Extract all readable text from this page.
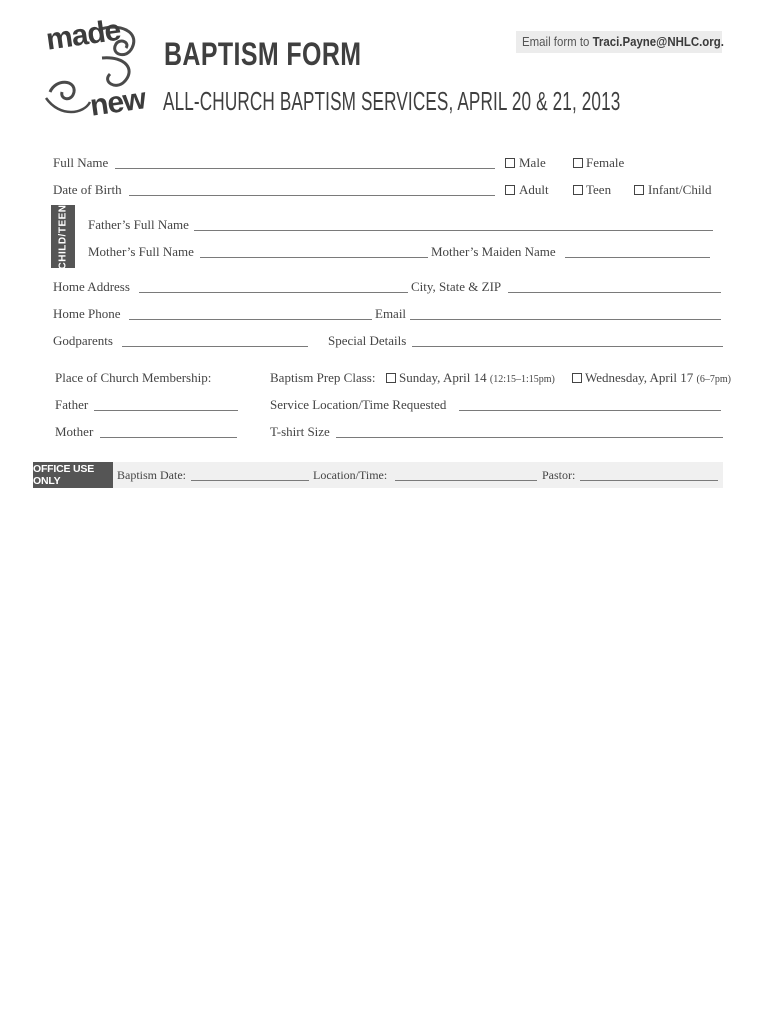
made
new
BAPTISM FORM
ALL-CHURCH BAPTISM SERVICES, APRIL 20 & 21, 2013
Email form to Traci.Payne@NHLC.org.
Full Name	Male	Female
Date of Birth	Adult	Teen	Infant/Child
CHILD/TEEN Father’s Full Name
Mother’s Full Name	Mother’s Maiden Name
Home Address	City, State & ZIP
Home Phone	Email
Godparents	Special Details
Place of Church Membership:
Father
Mother
Baptism Prep Class: Sunday, April 14 (12:15–1:15pm) Wednesday, April 17 (6–7pm)
Service Location/Time Requested
T-shirt Size
OFFICE USE ONLY	Baptism Date:	Location/Time:	Pastor:
